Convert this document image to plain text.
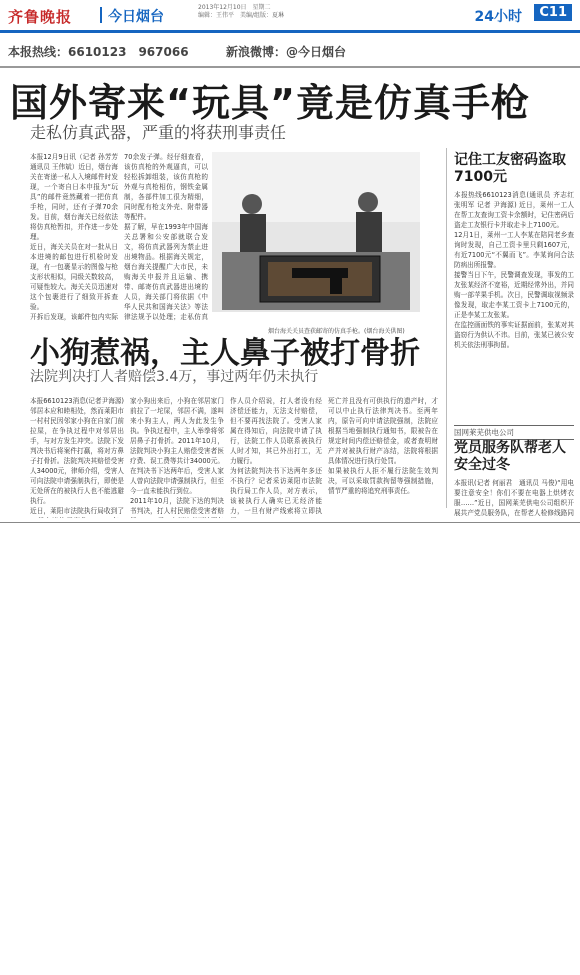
齐鲁晚报	今日烟台
2013年12月10日　星期二
编辑：王伟平　美编/组版：夏琳	24小时	C11
本报热线：6610123　967066	新浪微博：@今日烟台
国外寄来“玩具”竟是仿真手枪
走私仿真武器，严重的将获刑事责任

本报12月9日讯（记者 孙芳芳　通讯员 王伟斌）近日，烟台海关在寄递一私人入境邮件时发现，一个寄自日本申报为“玩具”的邮件竟然藏着一把仿真手枪，同时，还有子弹70余发。目前，烟台海关已经依法将仿真枪暂扣，并作进一步处理。

近日，海关关员在对一批从日本进境的邮包进行机检时发现，有一包裹显示的图像与枪支形状相似，同级关数较高，可疑性较大。海关关员迅速对这个包裹进行了细致开拆查验。

开拆后发现，该邮件包内实际

70余发子弹。经仔细查看，该仿真枪的外观逼真，可以轻松拆卸组装，该仿真枪的外观与真枪相仿，钢铁金属制，各部件加工很为精细，同时配有枪支外壳、附带器等配件。

据了解，早在1993年中国海关总署和公安部就联合发文，将仿真武器列为禁止进出境物品。根据海关规定，烟台海关提醒广大市民，未购海关申报并且运输、携带、邮寄仿真武器进出境的人员，海关部门将依据《中华人民共和国海关法》等法律法规予以处理；走私仿真

烟台海关关员查获邮寄的仿真手枪。(烟台海关供图)
小狗惹祸，主人鼻子被打骨折
法院判决打人者赔偿3.4万，事过两年仍未执行

本报6610123消息(记者尹海源)　邻居本应和睦相处，然而莱阳市一村村民因邻家小狗在自家门前拉屎，在争执过程中对邻居出手，与对方发生冲突。法院下发判决书后将案件打赢，将对方鼻子打骨折。法院判决其赔偿受害人34000元，律师介绍，受害人可向法院申请强制执行，即使是无处所在的被执行人也不能逃避执行。

近日，莱阳市法院执行局收到了

家小狗出来后，小狗在邻居家门前拉了一坨屎，邻居不满，遂叫来小狗主人，两人为此发生争执。争执过程中，主人举拳将邻居鼻子打骨折。2011年10月，法院判决小狗主人赔偿受害者医疗费、误工费等共计34000元。在判决书下达两年后，受害人家人曾向法院申请强制执行，但至今一直未能执行到位。

2011年10月，法院下达的判决书判决，打人村民赔偿受害者赔

作人员介绍说，打人者没有经济偿还能力，无法支付赔偿，但不要再找法院了。受害人家属在得知后，向法院申请了执行，法院工作人员联系被执行人时才知，其已外出打工，无力履行。

为何法院判决书下达两年多还不执行？记者采访莱阳市法院执行局工作人员，对方表示，该被执行人确实已无经济能力，一旦有财产线索将立即执

死亡并且没有可供执行的遗产时，才可以中止执行法律判决书。至两年内，原告可向申请法院强制，法院应根据当地强制执行通知书，限被告在规定时间内偿还赔偿金，或者查明财产并对被执行财产冻结，法院将根据具体情况进行执行处罚。

如果被执行人拒不履行法院生效判决，可以采取罚款拘留等强制措施，情节严重的将追究刑事责任。

记住工友密码盗取7100元

本报热线6610123消息(通讯员 齐志红 张明军 记者 尹海源) 近日，莱州一工人在帮工友查询工资卡余额时，记住密码后盗走工友银行卡并取走卡上7100元。

12月1日，莱州一工人李某在陪同老乡查询时发现，自己工资卡里只剩1607元，有近7100元“不翼而飞”。李某询问合法防病出所报警。

接警当日下午，民警调查发现，事发的工友张某经济不宽裕，近期经常外出，并同购一部苹果手机。次日，民警调取视频录像发现，取走李某工资卡上7100元的，正是李某工友张某。

在监控画面铁的事实证据面前，张某对其盗窃行为供认不讳。目前，张某已被公安机关依法刑事拘留。

国网莱芜供电公司
党员服务队帮老人安全过冬

本报讯(记者 何丽君　通讯员 马俊)“用电要注意安全！你们不要在电器上烘烤衣服……”近日，国网莱芜供电公司组织开展共产党员服务队，在帮老人检修线路同
